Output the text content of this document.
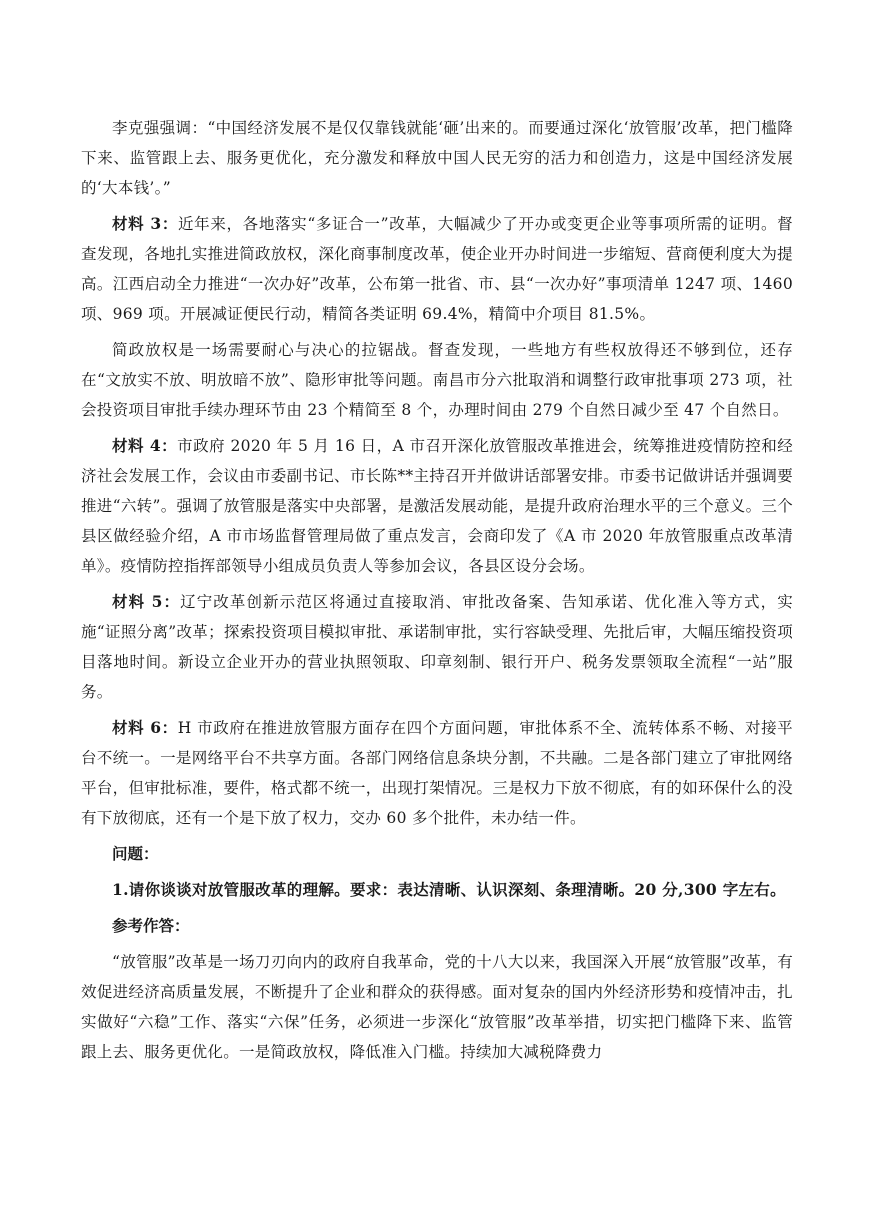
李克强强调：“中国经济发展不是仅仅靠钱就能‘砸’出来的。而要通过深化‘放管服’改革，把门槛降下来、监管跟上去、服务更优化，充分激发和释放中国人民无穷的活力和创造力，这是中国经济发展的‘大本钱’。”

材料 3：近年来，各地落实“多证合一”改革，大幅减少了开办或变更企业等事项所需的证明。督查发现，各地扎实推进简政放权，深化商事制度改革，使企业开办时间进一步缩短、营商便利度大为提高。江西启动全力推进“一次办好”改革，公布第一批省、市、县“一次办好”事项清单 1247 项、1460 项、969 项。开展减证便民行动，精简各类证明 69.4%，精简中介项目 81.5%。

简政放权是一场需要耐心与决心的拉锯战。督查发现，一些地方有些权放得还不够到位，还存在“文放实不放、明放暗不放”、隐形审批等问题。南昌市分六批取消和调整行政审批事项 273 项，社会投资项目审批手续办理环节由 23 个精简至 8 个，办理时间由 279 个自然日减少至 47 个自然日。

材料 4：市政府 2020 年 5 月 16 日，A 市召开深化放管服改革推进会，统筹推进疫情防控和经济社会发展工作，会议由市委副书记、市长陈**主持召开并做讲话部署安排。市委书记做讲话并强调要推进“六转”。强调了放管服是落实中央部署，是激活发展动能，是提升政府治理水平的三个意义。三个县区做经验介绍，A 市市场监督管理局做了重点发言，会商印发了《A 市 2020 年放管服重点改革清单》。疫情防控指挥部领导小组成员负责人等参加会议，各县区设分会场。

材料 5：辽宁改革创新示范区将通过直接取消、审批改备案、告知承诺、优化准入等方式，实施“证照分离”改革；探索投资项目模拟审批、承诺制审批，实行容缺受理、先批后审，大幅压缩投资项目落地时间。新设立企业开办的营业执照领取、印章刻制、银行开户、税务发票领取全流程“一站”服务。

材料 6：H 市政府在推进放管服方面存在四个方面问题，审批体系不全、流转体系不畅、对接平台不统一。一是网络平台不共享方面。各部门网络信息条块分割，不共融。二是各部门建立了审批网络平台，但审批标准，要件，格式都不统一，出现打架情况。三是权力下放不彻底，有的如环保什么的没有下放彻底，还有一个是下放了权力，交办 60 多个批件，未办结一件。

问题：

1.请你谈谈对放管服改革的理解。要求：表达清晰、认识深刻、条理清晰。20 分,300 字左右。

参考作答：

“放管服”改革是一场刀刃向内的政府自我革命，党的十八大以来，我国深入开展“放管服”改革，有效促进经济高质量发展，不断提升了企业和群众的获得感。面对复杂的国内外经济形势和疫情冲击，扎实做好“六稳”工作、落实“六保”任务，必须进一步深化“放管服”改革举措，切实把门槛降下来、监管跟上去、服务更优化。一是简政放权，降低准入门槛。持续加大减税降费力
